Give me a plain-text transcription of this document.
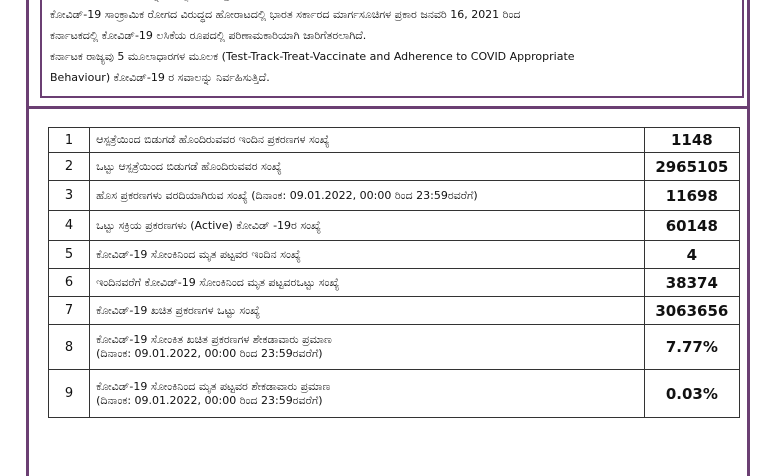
ಕೋವಿಡ್-19 ಸಾಂಕ್ರಾಮಿಕ ರೋಗದ ವಿರುದ್ಧದ ಹೋರಾಟದಲ್ಲಿ ಭಾರತ ಸರ್ಕಾರದ ಮಾರ್ಗಸೂಚಿಗಳ ಪ್ರಕಾರ ಜನವರಿ 16, 2021 ರಿಂದ
ಕರ್ನಾಟಕದಲ್ಲಿ ಕೋವಿಡ್-19 ಲಸಿಕೆಯ ರೂಪದಲ್ಲಿ ಪರಿಣಾಮಕಾರಿಯಾಗಿ ಜಾರಿಗೆತರಲಾಗಿದೆ.
ಕರ್ನಾಟಕ ರಾಜ್ಯವು 5 ಮೂಲಾಧಾರಗಳ ಮೂಲಕ (Test-Track-Treat-Vaccinate and Adherence to COVID Appropriate
Behaviour) ಕೋವಿಡ್-19 ರ ಸವಾಲನ್ನು ನಿರ್ವಹಿಸುತ್ತಿದೆ.
1	ಆಸ್ಪತ್ರೆಯಿಂದ ಬಿಡುಗಡೆ ಹೊಂದಿರುವವರ ಇಂದಿನ ಪ್ರಕರಣಗಳ ಸಂಖ್ಯೆ	1148
2	ಒಟ್ಟು ಆಸ್ಪತ್ರೆಯಿಂದ ಬಿಡುಗಡೆ ಹೊಂದಿರುವವರ ಸಂಖ್ಯೆ	2965105
3	ಹೊಸ ಪ್ರಕರಣಗಳು ವರದಿಯಾಗಿರುವ ಸಂಖ್ಯೆ (ದಿನಾಂಕ: 09.01.2022, 00:00 ರಿಂದ 23:59ರವರೆಗೆ)	11698
4	ಒಟ್ಟು ಸಕ್ರಿಯ ಪ್ರಕರಣಗಳು (Active) ಕೋವಿಡ್ -19ರ ಸಂಖ್ಯೆ	60148
5	ಕೋವಿಡ್-19 ಸೋಂಕಿನಿಂದ ಮೃತ ಪಟ್ಟವರ ಇಂದಿನ ಸಂಖ್ಯೆ	4
6	ಇಂದಿನವರೆಗೆ ಕೋವಿಡ್-19 ಸೋಂಕಿನಿಂದ ಮೃತ ಪಟ್ಟವರಒಟ್ಟು ಸಂಖ್ಯೆ	38374
7	ಕೋವಿಡ್-19 ಖಚಿತ ಪ್ರಕರಣಗಳ ಒಟ್ಟು ಸಂಖ್ಯೆ	3063656
8	ಕೋವಿಡ್-19 ಸೋಂಕಿತ ಖಚಿತ ಪ್ರಕರಣಗಳ ಶೇಕಡಾವಾರು ಪ್ರಮಾಣ
(ದಿನಾಂಕ: 09.01.2022, 00:00 ರಿಂದ 23:59ರವರೆಗೆ)	7.77%
9	ಕೋವಿಡ್-19 ಸೋಂಕಿನಿಂದ ಮೃತ ಪಟ್ಟವರ ಶೇಕಡಾವಾರು ಪ್ರಮಾಣ
(ದಿನಾಂಕ: 09.01.2022, 00:00 ರಿಂದ 23:59ರವರೆಗೆ)	0.03%
